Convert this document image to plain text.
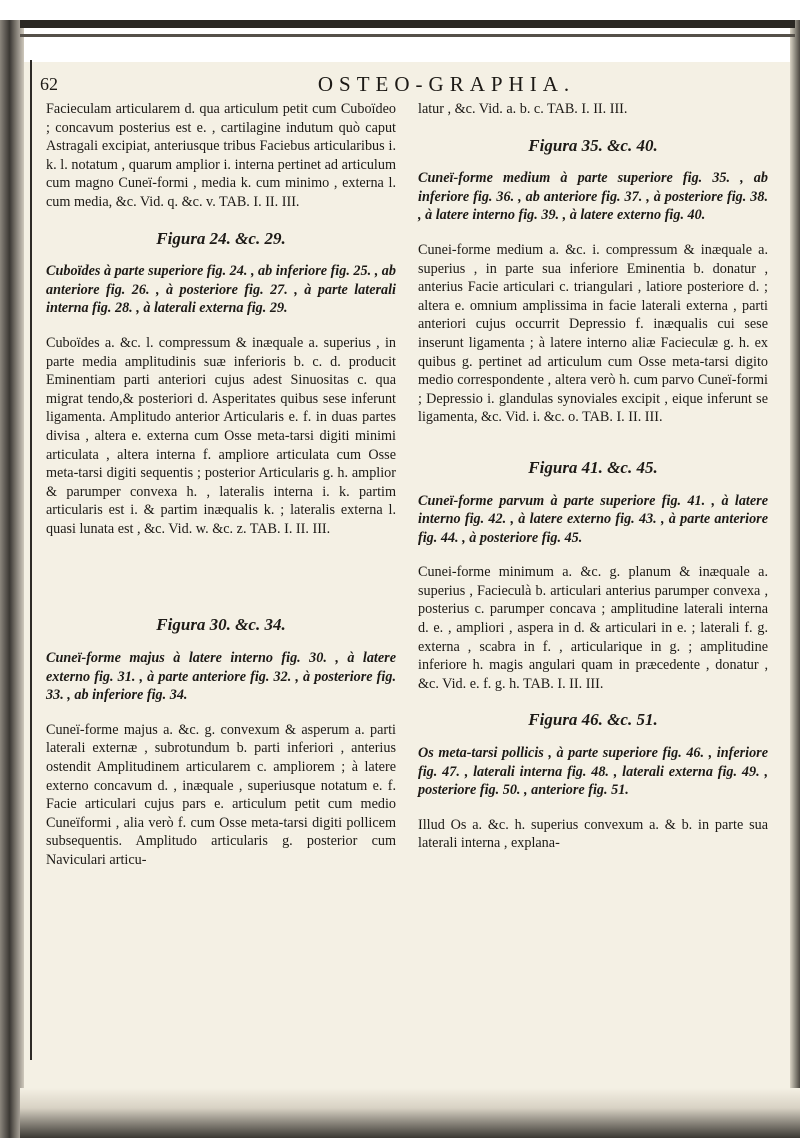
62	OSTEO-GRAPHIA.

Facieculam articularem d. qua articulum petit cum Cuboïdeo ; concavum posterius est e. , cartilagine indutum quò caput Astragali excipiat, anteriusque tribus Faciebus articularibus i. k. l. notatum , quarum amplior i. interna pertinet ad articulum cum magno Cuneï-formi , media k. cum minimo , externa l. cum media, &c. Vid. q. &c. v. TAB. I. II. III.

Figura 24. &c. 29.

Cuboïdes à parte superiore fig. 24. , ab inferiore fig. 25. , ab anteriore fig. 26. , à posteriore fig. 27. , à parte laterali interna fig. 28. , à laterali externa fig. 29.

Cuboïdes a. &c. l. compressum & inæquale a. superius , in parte media amplitudinis suæ inferioris b. c. d. producit Eminentiam parti anteriori cujus adest Sinuositas c. qua migrat tendo,& posteriori d. Asperitates quibus sese inferunt ligamenta. Amplitudo anterior Articularis e. f. in duas partes divisa , altera e. externa cum Osse meta-tarsi digiti minimi articulata , altera interna f. ampliore articulata cum Osse meta-tarsi digiti sequentis ; posterior Articularis g. h. amplior & parumper convexa h. , lateralis interna i. k. partim articularis est i. & partim inæqualis k. ; lateralis externa l. quasi lunata est , &c. Vid. w. &c. z. TAB. I. II. III.

Figura 30. &c. 34.

Cuneï-forme majus à latere interno fig. 30. , à latere externo fig. 31. , à parte anteriore fig. 32. , à posteriore fig. 33. , ab inferiore fig. 34.

Cuneï-forme majus a. &c. g. convexum & asperum a. parti laterali externæ , subrotundum b. parti inferiori , anterius ostendit Amplitudinem articularem c. ampliorem ; à latere externo concavum d. , inæquale , superiusque notatum e. f. Facie articulari cujus pars e. articulum petit cum medio Cuneïformi , alia verò f. cum Osse meta-tarsi digiti pollicem subsequentis. Amplitudo articularis g. posterior cum Naviculari articu-

latur , &c. Vid. a. b. c. TAB. I. II. III.

Figura 35. &c. 40.

Cuneï-forme medium à parte superiore fig. 35. , ab inferiore fig. 36. , ab anteriore fig. 37. , à posteriore fig. 38. , à latere interno fig. 39. , à latere externo fig. 40.

Cunei-forme medium a. &c. i. compressum & inæquale a. superius , in parte sua inferiore Eminentia b. donatur , anterius Facie articulari c. triangulari , latiore posteriore d. ; altera e. omnium amplissima in facie laterali externa , parti anteriori cujus occurrit Depressio f. inæqualis cui sese inserunt ligamenta ; à latere interno aliæ Facieculæ g. h. ex quibus g. pertinet ad articulum cum Osse meta-tarsi digito medio correspondente , altera verò h. cum parvo Cuneï-formi ; Depressio i. glandulas synoviales excipit , eique inferunt se ligamenta, &c. Vid. i. &c. o. TAB. I. II. III.

Figura 41. &c. 45.

Cuneï-forme parvum à parte superiore fig. 41. , à latere interno fig. 42. , à latere externo fig. 43. , à parte anteriore fig. 44. , à posteriore fig. 45.

Cunei-forme minimum a. &c. g. planum & inæquale a. superius , Facieculà b. articulari anterius parumper convexa , posterius c. parumper concava ; amplitudine laterali interna d. e. , ampliori , aspera in d. & articulari in e. ; laterali f. g. externa , scabra in f. , articularique in g. ; amplitudine inferiore h. magis angulari quam in præcedente , donatur , &c. Vid. e. f. g. h. TAB. I. II. III.

Figura 46. &c. 51.

Os meta-tarsi pollicis , à parte superiore fig. 46. , inferiore fig. 47. , laterali interna fig. 48. , laterali externa fig. 49. , posteriore fig. 50. , anteriore fig. 51.

Illud Os a. &c. h. superius convexum a. & b. in parte sua laterali interna , explana-
